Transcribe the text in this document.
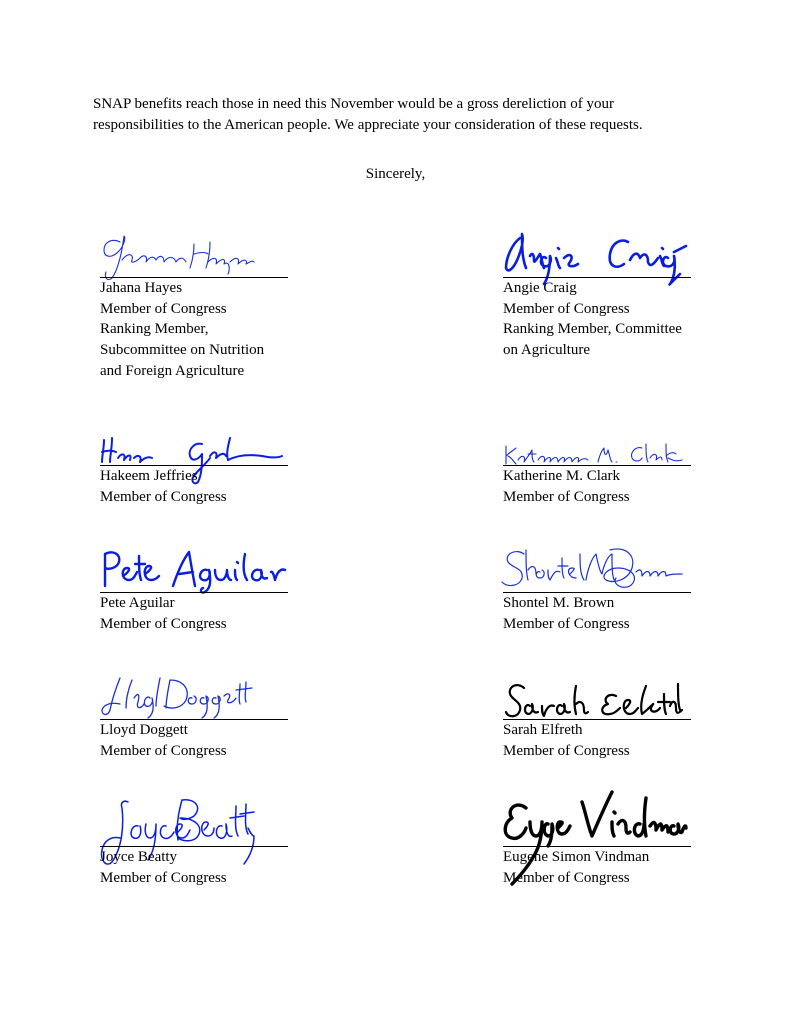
SNAP benefits reach those in need this November would be a gross dereliction of your
responsibilities to the American people. We appreciate your consideration of these requests.

Sincerely,
Jahana Hayes
Member of Congress
Ranking Member,
Subcommittee on Nutrition
and Foreign Agriculture
Angie Craig
Member of Congress
Ranking Member, Committee
on Agriculture
Hakeem Jeffries
Member of Congress
Katherine M. Clark
Member of Congress
Pete Aguilar
Member of Congress
Shontel M. Brown
Member of Congress
Lloyd Doggett
Member of Congress
Sarah Elfreth
Member of Congress
Joyce Beatty
Member of Congress
Eugene Simon Vindman
Member of Congress
